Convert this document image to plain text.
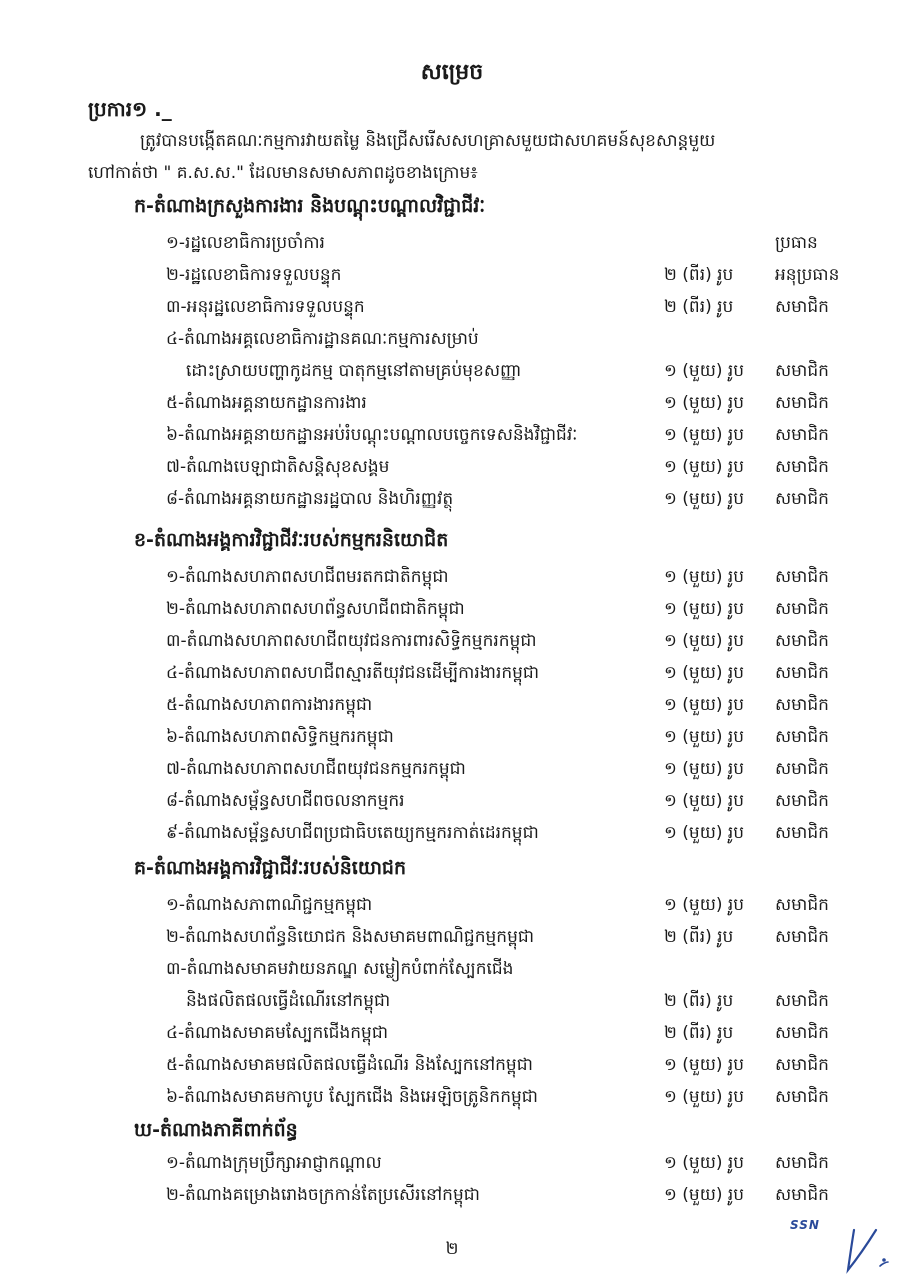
សម្រេច
ប្រការ១ ._
ត្រូវបានបង្កើតគណៈកម្មការវាយតម្លៃ និងជ្រើសរើសសហគ្រាសមួយជាសហគមន៍សុខសាន្តមួយ
ហៅកាត់ថា " គ.ស.ស." ដែលមានសមាសភាពដូចខាងក្រោម៖
ក-តំណាងក្រសួងការងារ និងបណ្តុះបណ្តាលវិជ្ជាជីវៈ
១-រដ្ឋលេខាធិការប្រចាំការ	ប្រធាន
២-រដ្ឋលេខាធិការទទួលបន្ទុក	២ (ពីរ) រូប អនុប្រធាន
៣-អនុរដ្ឋលេខាធិការទទួលបន្ទុក	២ (ពីរ) រូប សមាជិក
៤-តំណាងអគ្គលេខាធិការដ្ឋានគណៈកម្មការសម្រាប់
ដោះស្រាយបញ្ហាកូដកម្ម បាតុកម្មនៅតាមគ្រប់មុខសញ្ញា	១ (មួយ) រូប សមាជិក
៥-តំណាងអគ្គនាយកដ្ឋានការងារ	១ (មួយ) រូប សមាជិក
៦-តំណាងអគ្គនាយកដ្ឋានអប់រំបណ្តុះបណ្តាលបច្ចេកទេសនិងវិជ្ជាជីវៈ	១ (មួយ) រូប សមាជិក
៧-តំណាងបេឡាជាតិសន្តិសុខសង្គម	១ (មួយ) រូប សមាជិក
៨-តំណាងអគ្គនាយកដ្ឋានរដ្ឋបាល និងហិរញ្ញវត្ថុ	១ (មួយ) រូប សមាជិក
ខ-តំណាងអង្គការវិជ្ជាជីវៈរបស់កម្មករនិយោជិត
១-តំណាងសហភាពសហជីពមរតកជាតិកម្ពុជា	១ (មួយ) រូប សមាជិក
២-តំណាងសហភាពសហព័ន្ធសហជីពជាតិកម្ពុជា	១ (មួយ) រូប សមាជិក
៣-តំណាងសហភាពសហជីពយុវជនការពារសិទ្ធិកម្មករកម្ពុជា	១ (មួយ) រូប សមាជិក
៤-តំណាងសហភាពសហជីពស្មារតីយុវជនដើម្បីការងារកម្ពុជា	១ (មួយ) រូប សមាជិក
៥-តំណាងសហភាពការងារកម្ពុជា	១ (មួយ) រូប សមាជិក
៦-តំណាងសហភាពសិទ្ធិកម្មករកម្ពុជា	១ (មួយ) រូប សមាជិក
៧-តំណាងសហភាពសហជីពយុវជនកម្មករកម្ពុជា	១ (មួយ) រូប សមាជិក
៨-តំណាងសម្ព័ន្ធសហជីពចលនាកម្មករ	១ (មួយ) រូប សមាជិក
៩-តំណាងសម្ព័ន្ធសហជីពប្រជាធិបតេយ្យកម្មករកាត់ដេរកម្ពុជា	១ (មួយ) រូប សមាជិក
គ-តំណាងអង្គការវិជ្ជាជីវៈរបស់និយោជក
១-តំណាងសភាពាណិជ្ជកម្មកម្ពុជា	១ (មួយ) រូប សមាជិក
២-តំណាងសហព័ន្ធនិយោជក និងសមាគមពាណិជ្ជកម្មកម្ពុជា	២ (ពីរ) រូប សមាជិក
៣-តំណាងសមាគមវាយនភណ្ឌ សម្លៀកបំពាក់ស្បែកជើង
និងផលិតផលធ្វើដំណើរនៅកម្ពុជា	២ (ពីរ) រូប សមាជិក
៤-តំណាងសមាគមស្បែកជើងកម្ពុជា	២ (ពីរ) រូប សមាជិក
៥-តំណាងសមាគមផលិតផលធ្វើដំណើរ និងស្បែកនៅកម្ពុជា	១ (មួយ) រូប សមាជិក
៦-តំណាងសមាគមកាបូប ស្បែកជើង និងអេឡិចត្រូនិកកម្ពុជា	១ (មួយ) រូប សមាជិក
ឃ-តំណាងភាគីពាក់ព័ន្ធ
១-តំណាងក្រុមប្រឹក្សាអាជ្ញាកណ្តាល	១ (មួយ) រូប សមាជិក
២-តំណាងគម្រោងរោងចក្រកាន់តែប្រសើរនៅកម្ពុជា	១ (មួយ) រូប សមាជិក
២
SSN
